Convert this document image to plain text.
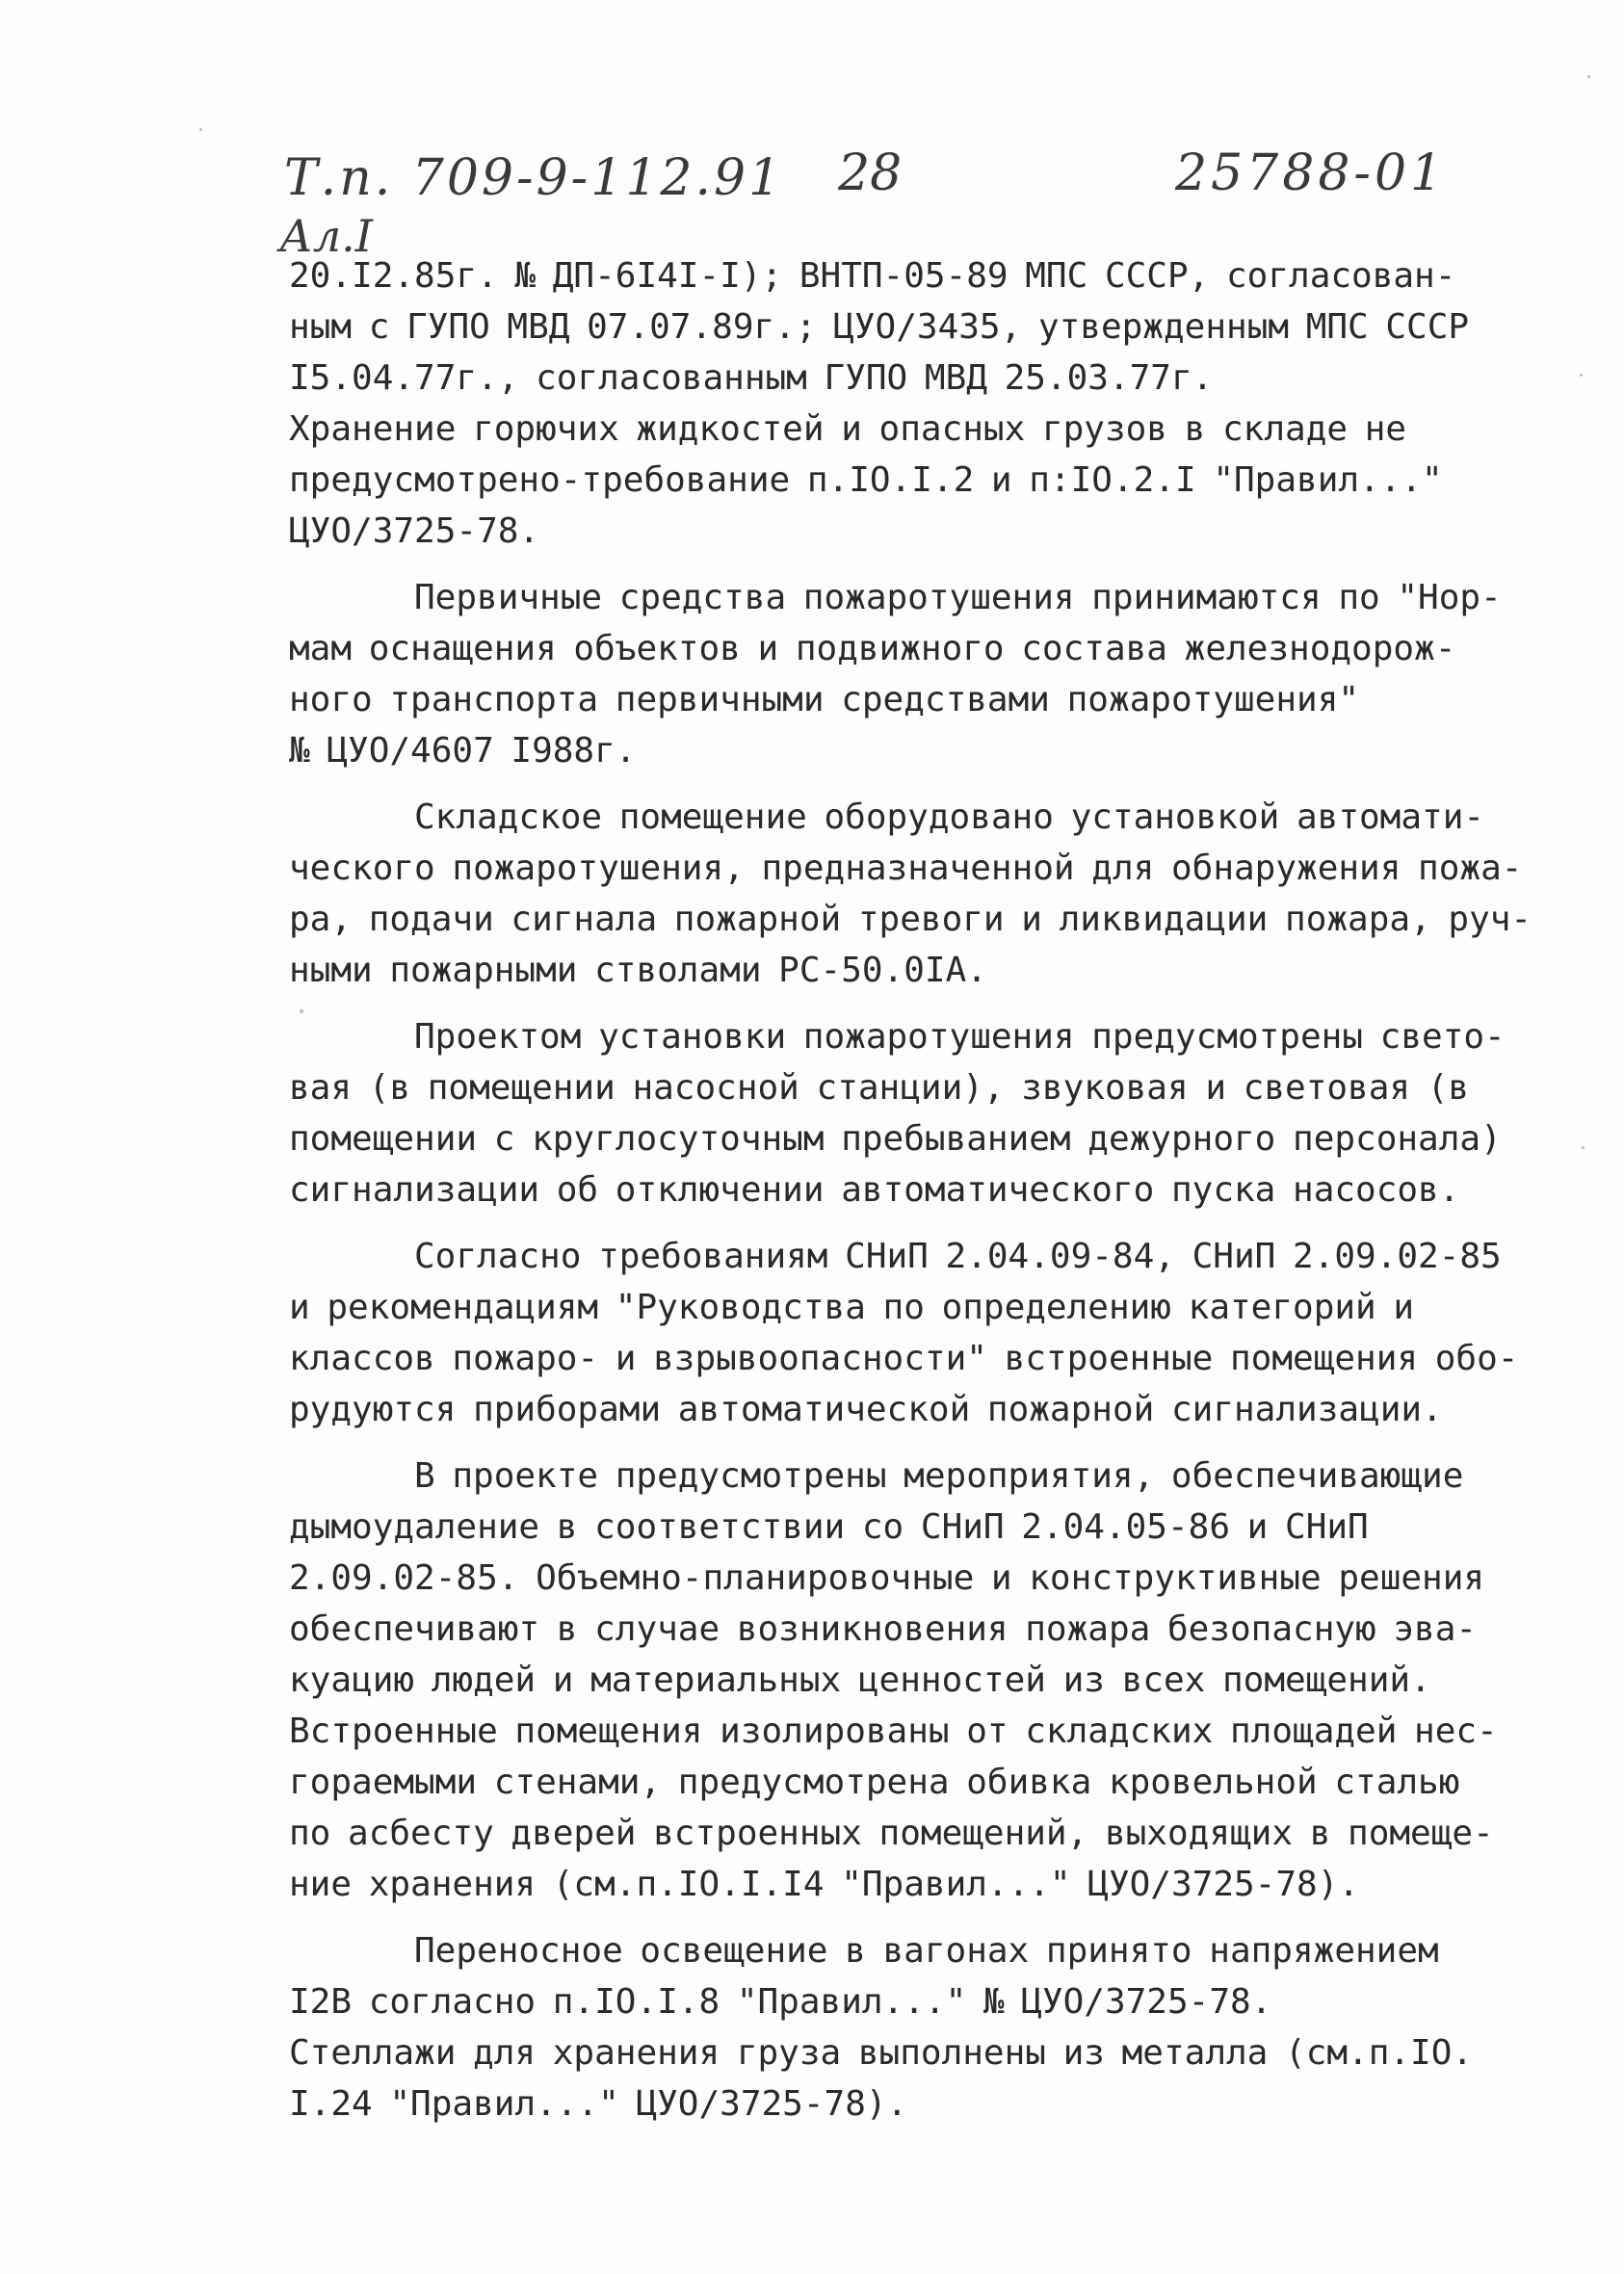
Т.п. 709-9-112.91 28	25788-01
Ал.I
20.I2.85г. № ДП-6I4I-I); ВНТП-05-89 МПС СССР, согласован-
ным с ГУПО МВД 07.07.89г.; ЦУО/3435, утвержденным МПС СССР
I5.04.77г., согласованным ГУПО МВД 25.03.77г.
Хранение горючих жидкостей и опасных грузов в складе не
предусмотрено-требование п.IO.I.2 и п:IO.2.I "Правил..."
ЦУО/3725-78.
Первичные средства пожаротушения принимаются по "Нор-
мам оснащения объектов и подвижного состава железнодорож-
ного транспорта первичными средствами пожаротушения"
№ ЦУО/4607 I988г.
Складское помещение оборудовано установкой автомати-
ческого пожаротушения, предназначенной для обнаружения пожа-
ра, подачи сигнала пожарной тревоги и ликвидации пожара, руч-
ными пожарными стволами РС-50.0IА.
Проектом установки пожаротушения предусмотрены свето-
вая (в помещении насосной станции), звуковая и световая (в
помещении с круглосуточным пребыванием дежурного персонала)
сигнализации об отключении автоматического пуска насосов.
Согласно требованиям СНиП 2.04.09-84, СНиП 2.09.02-85
и рекомендациям "Руководства по определению категорий и
классов пожаро- и взрывоопасности" встроенные помещения обо-
рудуются приборами автоматической пожарной сигнализации.
В проекте предусмотрены мероприятия, обеспечивающие
дымоудаление в соответствии со СНиП 2.04.05-86 и СНиП
2.09.02-85. Объемно-планировочные и конструктивные решения
обеспечивают в случае возникновения пожара безопасную эва-
куацию людей и материальных ценностей из всех помещений.
Встроенные помещения изолированы от складских площадей нес-
гораемыми стенами, предусмотрена обивка кровельной сталью
по асбесту дверей встроенных помещений, выходящих в помеще-
ние хранения (см.п.IO.I.I4 "Правил..." ЦУО/3725-78).
Переносное освещение в вагонах принято напряжением
I2В согласно п.IO.I.8 "Правил..." № ЦУО/3725-78.
Стеллажи для хранения груза выполнены из металла (см.п.IO.
I.24 "Правил..." ЦУО/3725-78).
